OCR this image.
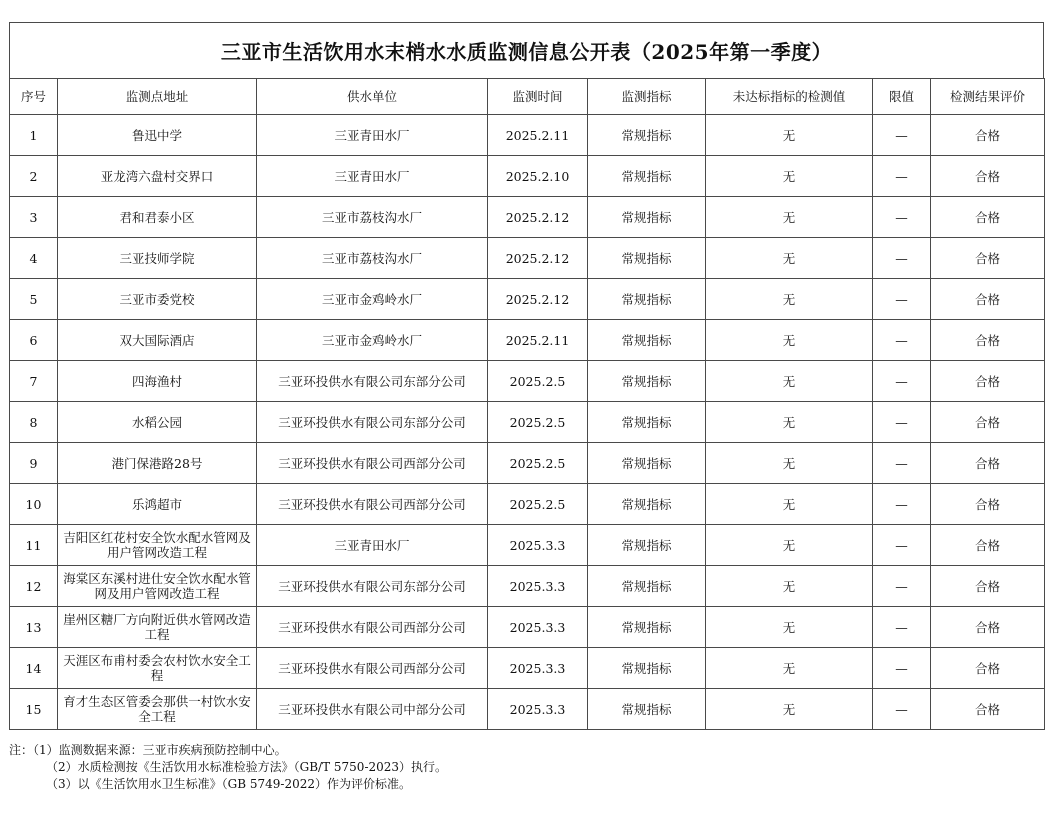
三亚市生活饮用水末梢水水质监测信息公开表（2025年第一季度）
序号	监测点地址	供水单位	监测时间	监测指标	未达标指标的检测值	限值	检测结果评价
1	鲁迅中学	三亚青田水厂	2025.2.11	常规指标	无	—	合格
2	亚龙湾六盘村交界口	三亚青田水厂	2025.2.10	常规指标	无	—	合格
3	君和君泰小区	三亚市荔枝沟水厂	2025.2.12	常规指标	无	—	合格
4	三亚技师学院	三亚市荔枝沟水厂	2025.2.12	常规指标	无	—	合格
5	三亚市委党校	三亚市金鸡岭水厂	2025.2.12	常规指标	无	—	合格
6	双大国际酒店	三亚市金鸡岭水厂	2025.2.11	常规指标	无	—	合格
7	四海渔村	三亚环投供水有限公司东部分公司	2025.2.5	常规指标	无	—	合格
8	水稻公园	三亚环投供水有限公司东部分公司	2025.2.5	常规指标	无	—	合格
9	港门保港路28号	三亚环投供水有限公司西部分公司	2025.2.5	常规指标	无	—	合格
10	乐鸿超市	三亚环投供水有限公司西部分公司	2025.2.5	常规指标	无	—	合格
11	吉阳区红花村安全饮水配水管网及用户管网改造工程	三亚青田水厂	2025.3.3	常规指标	无	—	合格
12	海棠区东溪村进仕安全饮水配水管网及用户管网改造工程	三亚环投供水有限公司东部分公司	2025.3.3	常规指标	无	—	合格
13	崖州区糖厂方向附近供水管网改造工程	三亚环投供水有限公司西部分公司	2025.3.3	常规指标	无	—	合格
14	天涯区布甫村委会农村饮水安全工程	三亚环投供水有限公司西部分公司	2025.3.3	常规指标	无	—	合格
15	育才生态区管委会那供一村饮水安全工程	三亚环投供水有限公司中部分公司	2025.3.3	常规指标	无	—	合格
注：（1）监测数据来源：三亚市疾病预防控制中心。
（2）水质检测按《生活饮用水标准检验方法》（GB/T 5750-2023）执行。
（3）以《生活饮用水卫生标准》（GB 5749-2022）作为评价标准。
